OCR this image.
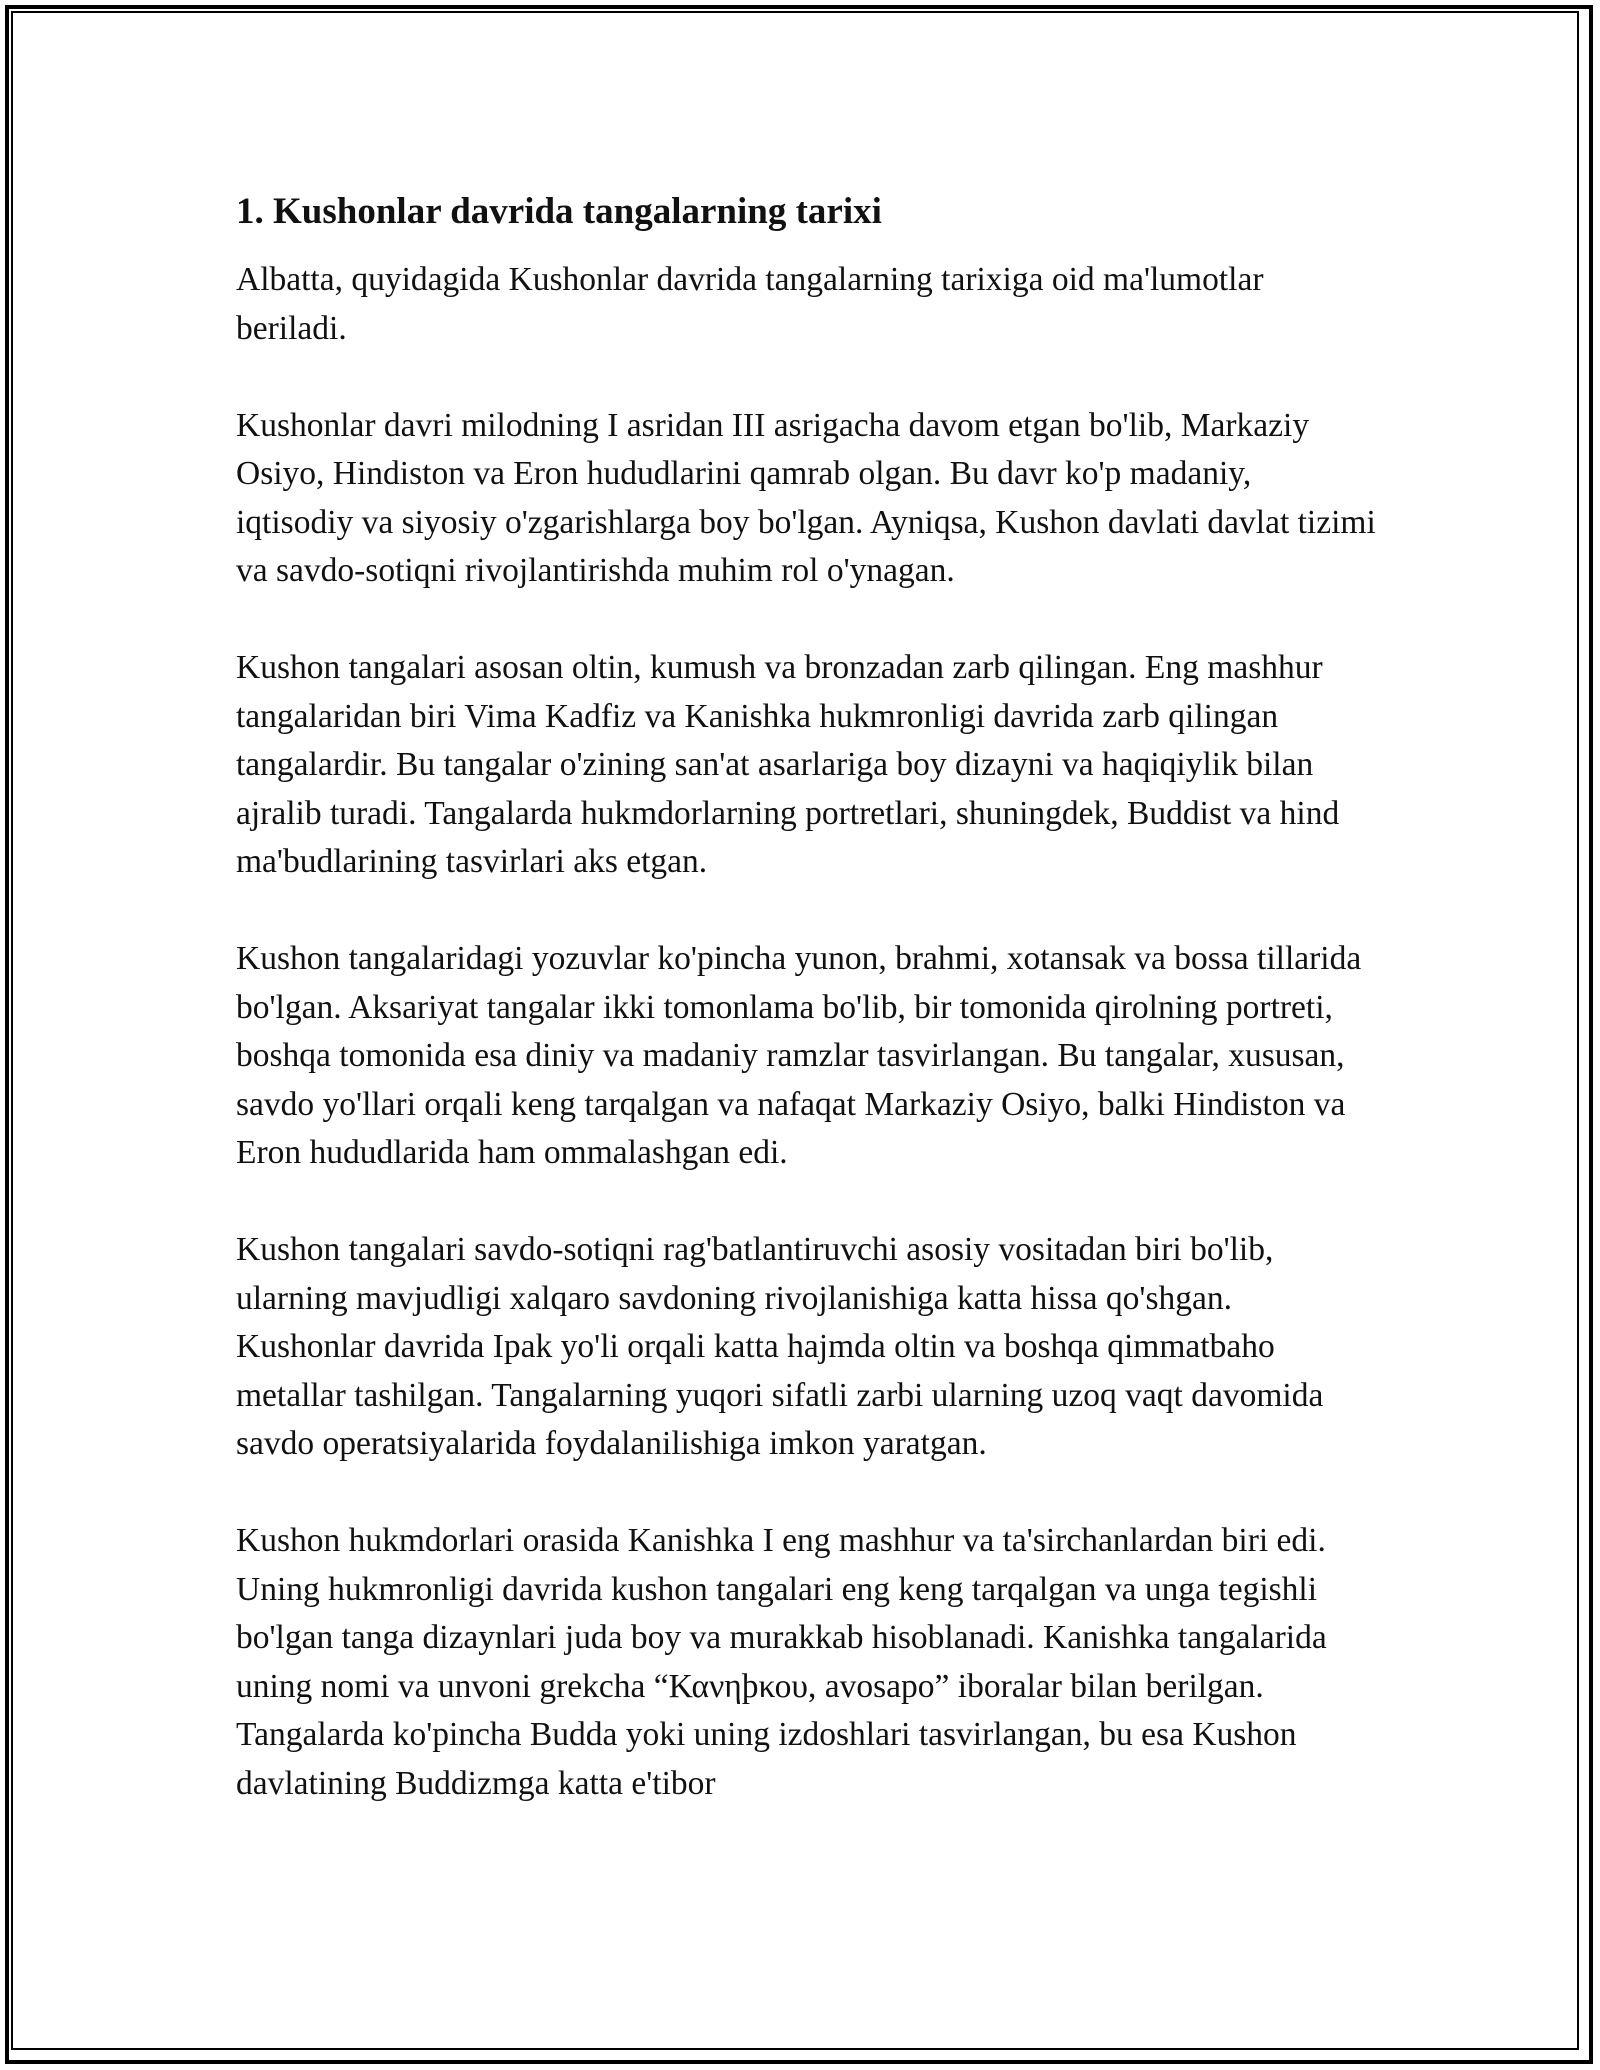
1. Kushonlar davrida tangalarning tarixi

Albatta, quyidagida Kushonlar davrida tangalarning tarixiga oid ma'lumotlar beriladi.

Kushonlar davri milodning I asridan III asrigacha davom etgan bo'lib, Markaziy Osiyo, Hindiston va Eron hududlarini qamrab olgan. Bu davr ko'p madaniy, iqtisodiy va siyosiy o'zgarishlarga boy bo'lgan. Ayniqsa, Kushon davlati davlat tizimi va savdo-sotiqni rivojlantirishda muhim rol o'ynagan.

Kushon tangalari asosan oltin, kumush va bronzadan zarb qilingan. Eng mashhur tangalaridan biri Vima Kadfiz va Kanishka hukmronligi davrida zarb qilingan tangalardir. Bu tangalar o'zining san'at asarlariga boy dizayni va haqiqiylik bilan ajralib turadi. Tangalarda hukmdorlarning portretlari, shuningdek, Buddist va hind ma'budlarining tasvirlari aks etgan.

Kushon tangalaridagi yozuvlar ko'pincha yunon, brahmi, xotansak va bossa tillarida bo'lgan. Aksariyat tangalar ikki tomonlama bo'lib, bir tomonida qirolning portreti, boshqa tomonida esa diniy va madaniy ramzlar tasvirlangan. Bu tangalar, xususan, savdo yo'llari orqali keng tarqalgan va nafaqat Markaziy Osiyo, balki Hindiston va Eron hududlarida ham ommalashgan edi.

Kushon tangalari savdo-sotiqni rag'batlantiruvchi asosiy vositadan biri bo'lib, ularning mavjudligi xalqaro savdoning rivojlanishiga katta hissa qo'shgan. Kushonlar davrida Ipak yo'li orqali katta hajmda oltin va boshqa qimmatbaho metallar tashilgan. Tangalarning yuqori sifatli zarbi ularning uzoq vaqt davomida savdo operatsiyalarida foydalanilishiga imkon yaratgan.

Kushon hukmdorlari orasida Kanishka I eng mashhur va ta'sirchanlardan biri edi. Uning hukmronligi davrida kushon tangalari eng keng tarqalgan va unga tegishli bo'lgan tanga dizaynlari juda boy va murakkab hisoblanadi. Kanishka tangalarida uning nomi va unvoni grekcha “Κανηϸκου, avosapo” iboralar bilan berilgan. Tangalarda ko'pincha Budda yoki uning izdoshlari tasvirlangan, bu esa Kushon davlatining Buddizmga katta e'tibor
